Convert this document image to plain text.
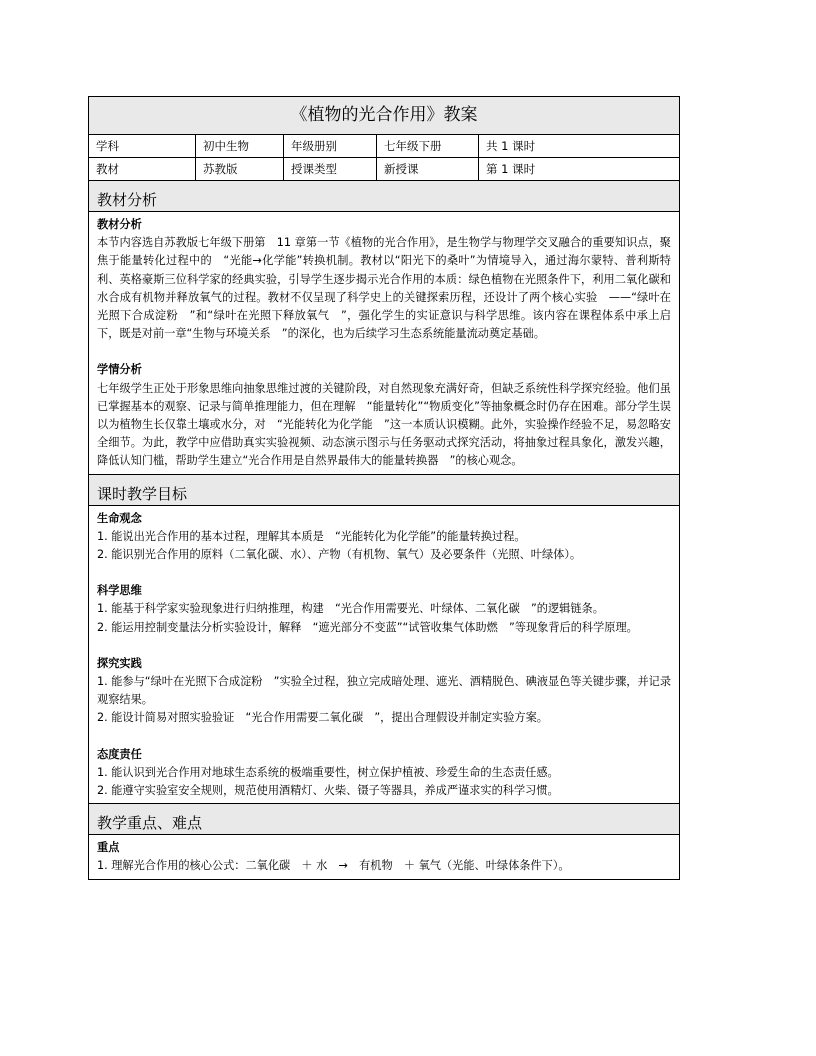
《植物的光合作用》教案
学科	初中生物	年级册别	七年级下册	共 1 课时
教材	苏教版	授课类型	新授课	第 1 课时
教材分析
教材分析
本节内容选自苏教版七年级下册第　11 章第一节《植物的光合作用》，是生物学与物理学交叉融合的重要知识点，聚焦于能量转化过程中的　“光能→化学能”转换机制。教材以“阳光下的桑叶”为情境导入，通过海尔蒙特、普利斯特利、英格豪斯三位科学家的经典实验，引导学生逐步揭示光合作用的本质：绿色植物在光照条件下，利用二氧化碳和水合成有机物并释放氧气的过程。教材不仅呈现了科学史上的关键探索历程，还设计了两个核心实验　——“绿叶在光照下合成淀粉　”和“绿叶在光照下释放氧气　”，强化学生的实证意识与科学思维。该内容在课程体系中承上启下，既是对前一章“生物与环境关系　”的深化，也为后续学习生态系统能量流动奠定基础。
学情分析
七年级学生正处于形象思维向抽象思维过渡的关键阶段，对自然现象充满好奇，但缺乏系统性科学探究经验。他们虽已掌握基本的观察、记录与简单推理能力，但在理解　“能量转化”“物质变化”等抽象概念时仍存在困难。部分学生误以为植物生长仅靠土壤或水分，对　“光能转化为化学能　”这一本质认识模糊。此外，实验操作经验不足，易忽略安全细节。为此，教学中应借助真实实验视频、动态演示图示与任务驱动式探究活动，将抽象过程具象化，激发兴趣，降低认知门槛，帮助学生建立“光合作用是自然界最伟大的能量转换器　”的核心观念。
课时教学目标
生命观念
1. 能说出光合作用的基本过程，理解其本质是　“光能转化为化学能”的能量转换过程。
2. 能识别光合作用的原料（二氧化碳、水）、产物（有机物、氧气）及必要条件（光照、叶绿体）。
科学思维
1. 能基于科学家实验现象进行归纳推理，构建　“光合作用需要光、叶绿体、二氧化碳　”的逻辑链条。
2. 能运用控制变量法分析实验设计，解释　“遮光部分不变蓝”“试管收集气体助燃　”等现象背后的科学原理。
探究实践
1. 能参与“绿叶在光照下合成淀粉　”实验全过程，独立完成暗处理、遮光、酒精脱色、碘液显色等关键步骤，并记录观察结果。
2. 能设计简易对照实验验证　“光合作用需要二氧化碳　”，提出合理假设并制定实验方案。
态度责任
1. 能认识到光合作用对地球生态系统的极端重要性，树立保护植被、珍爱生命的生态责任感。
2. 能遵守实验室安全规则，规范使用酒精灯、火柴、镊子等器具，养成严谨求实的科学习惯。
教学重点、难点
重点
1. 理解光合作用的核心公式：二氧化碳　＋ 水　→　有机物　＋ 氧气（光能、叶绿体条件下）。
